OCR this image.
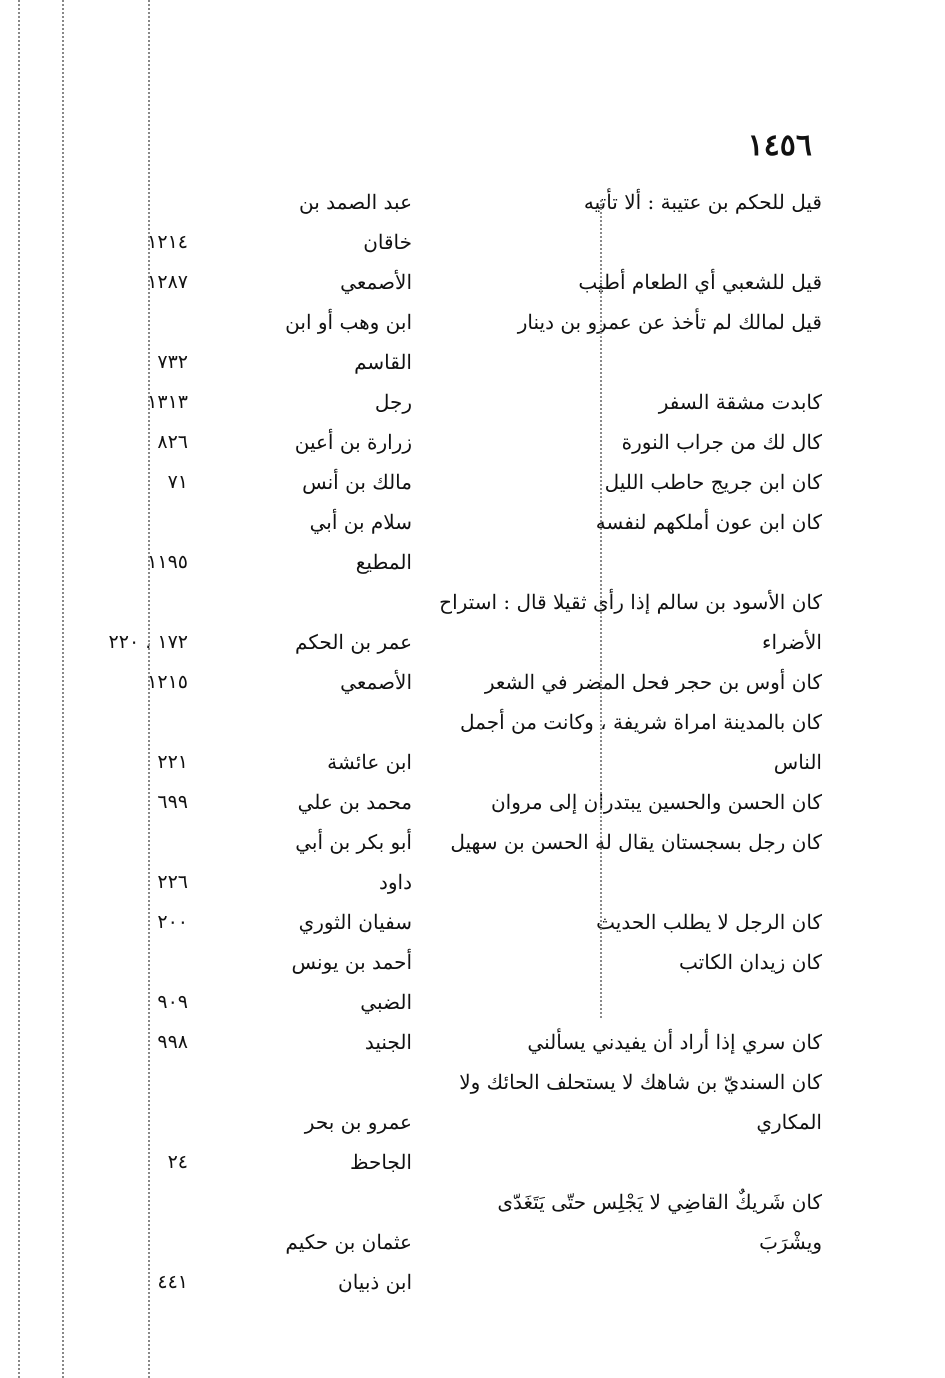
١٤٥٦
قيل للحكم بن عتيبة : ألا تأتيه
عبد الصمد بن
خاقان
١٢١٤
قيل للشعبي أي الطعام أطيب
الأصمعي
١٢٨٧
قيل لمالك لم تأخذ عن عمرو بن دينار
ابن وهب أو ابن
القاسم
٧٣٢
كابدت مشقة السفر
رجل
١٣١٣
كال لك من جراب النورة
زرارة بن أعين
٨٢٦
كان ابن جريج حاطب الليل
مالك بن أنس
٧١
كان ابن عون أملكهم لنفسه
سلام بن أبي
المطيع
١١٩٥
كان الأسود بن سالم إذا رأى ثقيلا قال : استراح
الأضراء
عمر بن الحكم
١٧٢ ، ٢٢٠
كان أوس بن حجر فحل المضر في الشعر
الأصمعي
١٢١٥
كان بالمدينة امراة شريفة ، وكانت من أجمل
الناس
ابن عائشة
٢٢١
كان الحسن والحسين يبتدران إلى مروان
محمد بن علي
٦٩٩
كان رجل بسجستان يقال له الحسن بن سهيل
أبو بكر بن أبي
داود
٢٢٦
كان الرجل لا يطلب الحديث
سفيان الثوري
٢٠٠
كان زيدان الكاتب
أحمد بن يونس
الضبي
٩٠٩
كان سري إذا أراد أن يفيدني يسألني
الجنيد
٩٩٨
كان السنديّ بن شاهك لا يستحلف الحائك ولا
المكاري
عمرو بن بحر
الجاحظ
٢٤
كان شَريكٌ القاضِي لا يَجْلِس حتّى يَتَغَدّى
ويشْرَبَ
عثمان بن حكيم
ابن ذبيان
٤٤١
